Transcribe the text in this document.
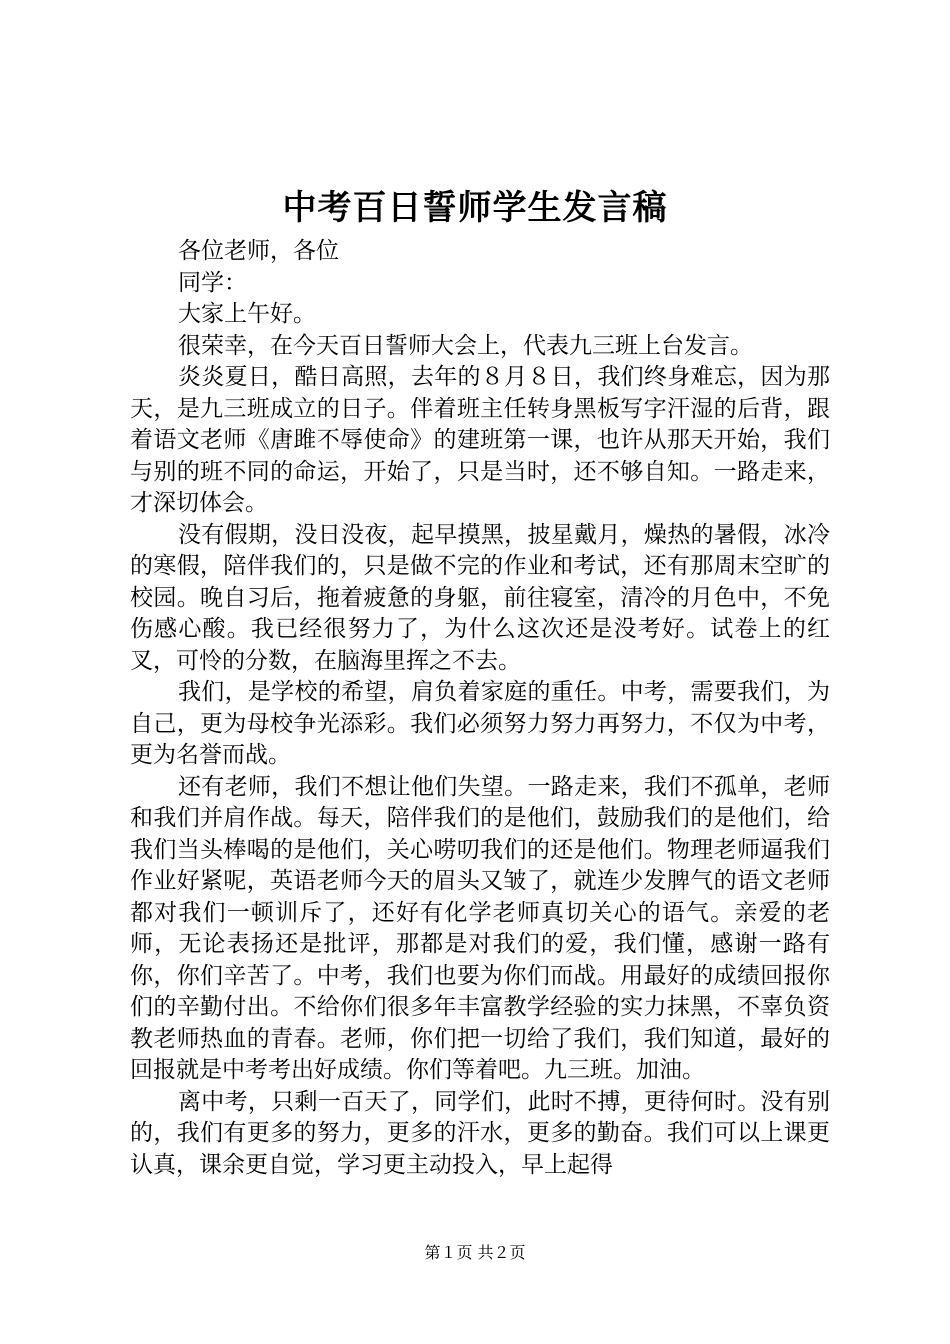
中考百日誓师学生发言稿

各位老师，各位

同学：

大家上午好。

很荣幸，在今天百日誓师大会上，代表九三班上台发言。

炎炎夏日，酷日高照，去年的８月８日，我们终身难忘，因为那天，是九三班成立的日子。伴着班主任转身黑板写字汗湿的后背，跟着语文老师《唐雎不辱使命》的建班第一课，也许从那天开始，我们与别的班不同的命运，开始了，只是当时，还不够自知。一路走来，才深切体会。

没有假期，没日没夜，起早摸黑，披星戴月，燥热的暑假，冰冷的寒假，陪伴我们的，只是做不完的作业和考试，还有那周末空旷的校园。晚自习后，拖着疲惫的身躯，前往寝室，清冷的月色中，不免伤感心酸。我已经很努力了，为什么这次还是没考好。试卷上的红叉，可怜的分数，在脑海里挥之不去。

我们，是学校的希望，肩负着家庭的重任。中考，需要我们，为自己，更为母校争光添彩。我们必须努力努力再努力，不仅为中考，更为名誉而战。

还有老师，我们不想让他们失望。一路走来，我们不孤单，老师和我们并肩作战。每天，陪伴我们的是他们，鼓励我们的是他们，给我们当头棒喝的是他们，关心唠叨我们的还是他们。物理老师逼我们作业好紧呢，英语老师今天的眉头又皱了，就连少发脾气的语文老师都对我们一顿训斥了，还好有化学老师真切关心的语气。亲爱的老师，无论表扬还是批评，那都是对我们的爱，我们懂，感谢一路有你，你们辛苦了。中考，我们也要为你们而战。用最好的成绩回报你们的辛勤付出。不给你们很多年丰富教学经验的实力抹黑，不辜负资教老师热血的青春。老师，你们把一切给了我们，我们知道，最好的回报就是中考考出好成绩。你们等着吧。九三班。加油。

离中考，只剩一百天了，同学们，此时不搏，更待何时。没有别的，我们有更多的努力，更多的汗水，更多的勤奋。我们可以上课更认真，课余更自觉，学习更主动投入，早上起得

第１页 共２页
